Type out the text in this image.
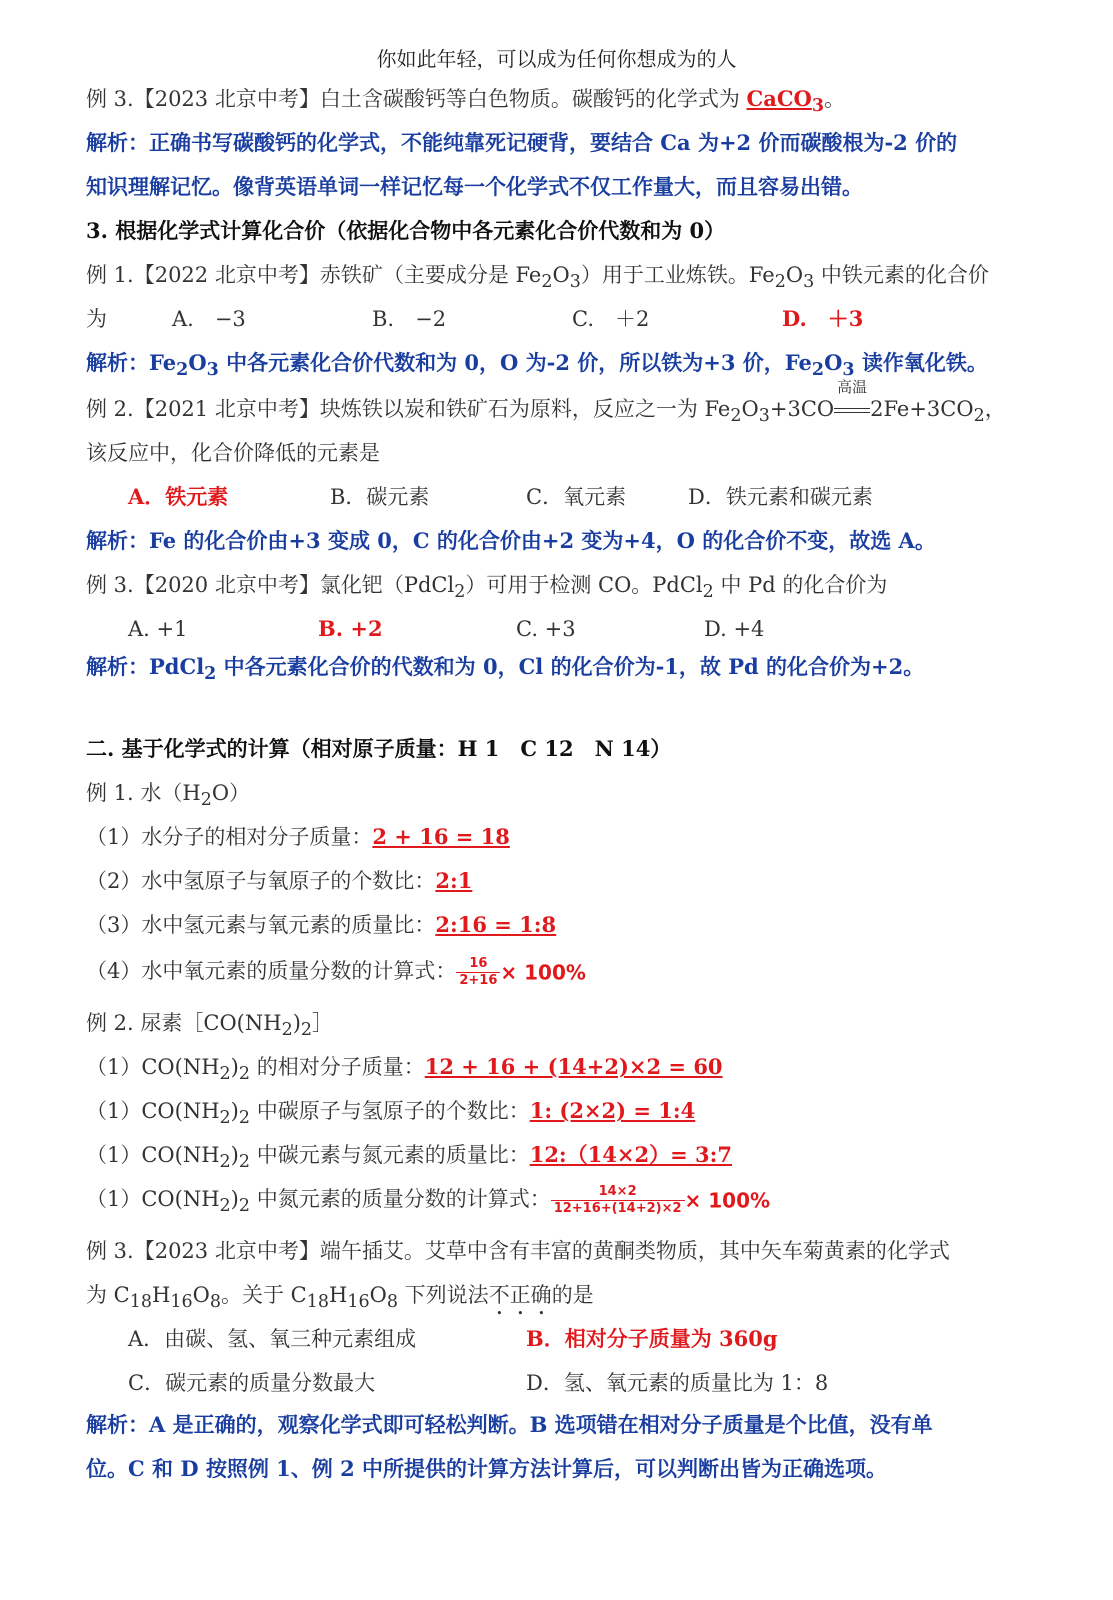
你如此年轻，可以成为任何你想成为的人
例 3.【2023 北京中考】白土含碳酸钙等白色物质。碳酸钙的化学式为 CaCO$_3$。
解析：正确书写碳酸钙的化学式，不能纯靠死记硬背，要结合 Ca 为+2 价而碳酸根为-2 价的
知识理解记忆。像背英语单词一样记忆每一个化学式不仅工作量大，而且容易出错。
3. 根据化学式计算化合价（依据化合物中各元素化合价代数和为 0）
例 1.【2022 北京中考】赤铁矿（主要成分是 $Fe_2O_3$）用于工业炼铁。$Fe_2O_3$ 中铁元素的化合价
为	A.　−3	B.　−2	C.　＋2	D.　＋3
解析：$Fe_2O_3$ 中各元素化合价代数和为 0，O 为-2 价，所以铁为+3 价，$Fe_2O_3$ 读作氧化铁。
例 2.【2021 北京中考】块炼铁以炭和铁矿石为原料，反应之一为 $Fe_2O_3+3CO$
高温
$2Fe+3CO_2$，
该反应中，化合价降低的元素是
A．铁元素	B．碳元素	C．氧元素	D．铁元素和碳元素
解析：Fe 的化合价由+3 变成 0，C 的化合价由+2 变为+4，O 的化合价不变，故选 A。
例 3.【2020 北京中考】氯化钯（PdCl$_2$）可用于检测 CO。PdCl$_2$ 中 Pd 的化合价为
A. +1	B. +2	C. +3	D. +4
解析：PdCl$_2$ 中各元素化合价的代数和为 0，Cl 的化合价为-1，故 Pd 的化合价为+2。
二. 基于化学式的计算（相对原子质量：H 1　C 12　N 14）
例 1. 水$(H_2O)$
（1）水分子的相对分子质量：2 + 16 = 18
（2）水中氢原子与氧原子的个数比：2:1
（3）水中氢元素与氧元素的质量比：2:16 = 1:8
（4）水中氧元素的质量分数的计算式： $\frac{16}{2+16} \times 100\%$
例 2. 尿素$[CO(NH_2)_2]$
$(1)CO(NH_2)_2$ 的相对分子质量：12 + 16 + (14+2)×2 = 60
$(1)CO(NH_2)_2$ 中碳原子与氢原子的个数比：1: (2×2) = 1:4
$(1)CO(NH_2)_2$ 中碳元素与氮元素的质量比：12:（14×2）= 3:7
$(1)CO(NH_2)_2$ 中氮元素的质量分数的计算式： $\frac{14\times 2}{12+16+(14+2)\times 2} \times 100\%$
例 3.【2023 北京中考】端午插艾。艾草中含有丰富的黄酮类物质，其中矢车菊黄素的化学式
为 $C_{18}H_{16}O_8$。关于 $C_{18}H_{16}O_8$ 下列说法不正确的是
A．由碳、氢、氧三种元素组成	B．相对分子质量为 360g
C．碳元素的质量分数最大	D．氢、氧元素的质量比为 1：8
解析：A 是正确的，观察化学式即可轻松判断。B 选项错在相对分子质量是个比值，没有单
位。C 和 D 按照例 1、例 2 中所提供的计算方法计算后，可以判断出皆为正确选项。
